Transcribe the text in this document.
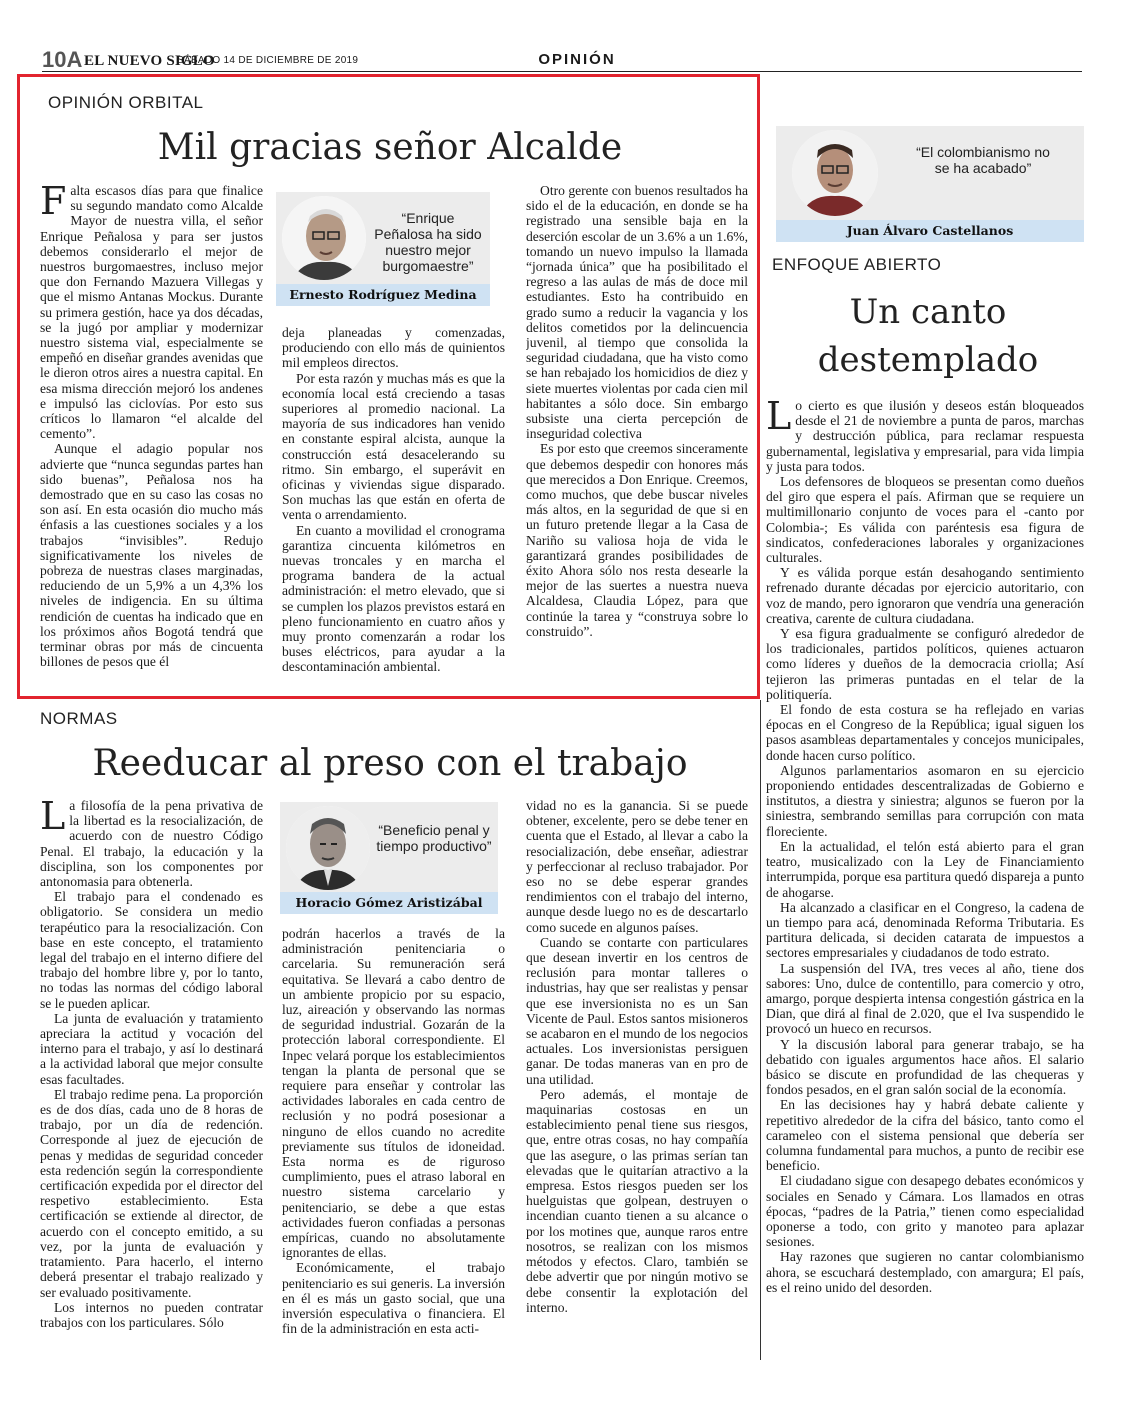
10A EL NUEVO SIGLO
SÁBADO 14 DE DICIEMBRE DE 2019	OPINIÓN
OPINIÓN ORBITAL
Mil gracias señor Alcalde

Falta escasos días para que finalice su segundo mandato como Alcalde Mayor de nuestra villa, el señor Enrique Peñalosa y para ser justos debemos considerarlo el mejor de nuestros burgomaestres, incluso mejor que don Fernando Mazuera Villegas y que el mismo Antanas Mockus. Durante su primera gestión, hace ya dos décadas, se la jugó por ampliar y modernizar nuestro sistema vial, especialmente se empeñó en diseñar grandes avenidas que le dieron otros aires a nuestra capital. En esa misma dirección mejoró los andenes e impulsó las ciclovías. Por esto sus críticos lo llamaron “el alcalde del cemento”.

Aunque el adagio popular nos advierte que “nunca segundas partes han sido buenas”, Peñalosa nos ha demostrado que en su caso las cosas no son así. En esta ocasión dio mucho más énfasis a las cuestiones sociales y a los trabajos “invisibles”. Redujo significativamente los niveles de pobreza de nuestras clases marginadas, reduciendo de un 5,9% a un 4,3% los niveles de indigencia. En su última rendición de cuentas ha indicado que en los próximos años Bogotá tendrá que terminar obras por más de cincuenta billones de pesos que él

“Enrique Peñalosa ha sido nuestro mejor burgomaestre”
Ernesto Rodríguez Medina

deja planeadas y comenzadas, produciendo con ello más de quinientos mil empleos directos.

Por esta razón y muchas más es que la economía local está creciendo a tasas superiores al promedio nacional. La mayoría de sus indicadores han venido en constante espiral alcista, aunque la construcción está desacelerando su ritmo. Sin embargo, el superávit en oficinas y viviendas sigue disparado. Son muchas las que están en oferta de venta o arrendamiento.

En cuanto a movilidad el cronograma garantiza cincuenta kilómetros en nuevas troncales y en marcha el programa bandera de la actual administración: el metro elevado, que si se cumplen los plazos previstos estará en pleno funcionamiento en cuatro años y muy pronto comenzarán a rodar los buses eléctricos, para ayudar a la descontaminación ambiental.

Otro gerente con buenos resultados ha sido el de la educación, en donde se ha registrado una sensible baja en la deserción escolar de un 3.6% a un 1.6%, tomando un nuevo impulso la llamada “jornada única” que ha posibilitado el regreso a las aulas de más de doce mil estudiantes. Esto ha contribuido en grado sumo a reducir la vagancia y los delitos cometidos por la delincuencia juvenil, al tiempo que consolida la seguridad ciudadana, que ha visto como se han rebajado los homicidios de diez y siete muertes violentas por cada cien mil habitantes a sólo doce. Sin embargo subsiste una cierta percepción de inseguridad colectiva

Es por esto que creemos sinceramente que debemos despedir con honores más que merecidos a Don Enrique. Creemos, como muchos, que debe buscar niveles más altos, en la seguridad de que si en un futuro pretende llegar a la Casa de Nariño su valiosa hoja de vida le garantizará grandes posibilidades de éxito Ahora sólo nos resta desearle la mejor de las suertes a nuestra nueva Alcaldesa, Claudia López, para que continúe la tarea y “construya sobre lo construido”.

NORMAS
Reeducar al preso con el trabajo

La filosofía de la pena privativa de la libertad es la resocialización, de acuerdo con de nuestro Código Penal. El trabajo, la educación y la disciplina, son los componentes por antonomasia para obtenerla.

El trabajo para el condenado es obligatorio. Se considera un medio terapéutico para la resocialización. Con base en este concepto, el tratamiento legal del trabajo en el interno difiere del trabajo del hombre libre y, por lo tanto, no todas las normas del código laboral se le pueden aplicar.

La junta de evaluación y tratamiento apreciara la actitud y vocación del interno para el trabajo, y así lo destinará a la actividad laboral que mejor consulte esas facultades.

El trabajo redime pena. La proporción es de dos días, cada uno de 8 horas de trabajo, por un día de redención. Corresponde al juez de ejecución de penas y medidas de seguridad conceder esta redención según la correspondiente certificación expedida por el director del respetivo establecimiento. Esta certificación se extiende al director, de acuerdo con el concepto emitido, a su vez, por la junta de evaluación y tratamiento. Para hacerlo, el interno deberá presentar el trabajo realizado y ser evaluado positivamente.

Los internos no pueden contratar trabajos con los particulares. Sólo

“Beneficio penal y tiempo productivo”
Horacio Gómez Aristizábal

podrán hacerlos a través de la administración penitenciaria o carcelaria. Su remuneración será equitativa. Se llevará a cabo dentro de un ambiente propicio por su espacio, luz, aireación y observando las normas de seguridad industrial. Gozarán de la protección laboral correspondiente. El Inpec velará porque los establecimientos tengan la planta de personal que se requiere para enseñar y controlar las actividades laborales en cada centro de reclusión y no podrá posesionar a ninguno de ellos cuando no acredite previamente sus títulos de idoneidad. Esta norma es de riguroso cumplimiento, pues el atraso laboral en nuestro sistema carcelario y penitenciario, se debe a que estas actividades fueron confiadas a personas empíricas, cuando no absolutamente ignorantes de ellas.

Económicamente, el trabajo penitenciario es sui generis. La inversión en él es más un gasto social, que una inversión especulativa o financiera. El fin de la administración en esta acti-

vidad no es la ganancia. Si se puede obtener, excelente, pero se debe tener en cuenta que el Estado, al llevar a cabo la resocialización, debe enseñar, adiestrar y perfeccionar al recluso trabajador. Por eso no se debe esperar grandes rendimientos con el trabajo del interno, aunque desde luego no es de descartarlo como sucede en algunos países.

Cuando se contarte con particulares que desean invertir en los centros de reclusión para montar talleres o industrias, hay que ser realistas y pensar que ese inversionista no es un San Vicente de Paul. Estos santos misioneros se acabaron en el mundo de los negocios actuales. Los inversionistas persiguen ganar. De todas maneras van en pro de una utilidad.

Pero además, el montaje de maquinarias costosas en un establecimiento penal tiene sus riesgos, que, entre otras cosas, no hay compañía que las asegure, o las primas serían tan elevadas que le quitarían atractivo a la empresa. Estos riesgos pueden ser los huelguistas que golpean, destruyen o incendian cuanto tienen a su alcance o por los motines que, aunque raros entre nosotros, se realizan con los mismos métodos y efectos. Claro, también se debe advertir que por ningún motivo se debe consentir la explotación del interno.

“El colombianismo no se ha acabado”
Juan Álvaro Castellanos
ENFOQUE ABIERTO
Un canto
destemplado

Lo cierto es que ilusión y deseos están bloqueados desde el 21 de noviembre a punta de paros, marchas y destrucción pública, para reclamar respuesta gubernamental, legislativa y empresarial, para vida limpia y justa para todos.

Los defensores de bloqueos se presentan como dueños del giro que espera el país. Afirman que se requiere un multimillonario conjunto de voces para el -canto por Colombia-; Es válida con paréntesis esa figura de sindicatos, confederaciones laborales y organizaciones culturales.

Y es válida porque están desahogando sentimiento refrenado durante décadas por ejercicio autoritario, con voz de mando, pero ignoraron que vendría una generación creativa, carente de cultura ciudadana.

Y esa figura gradualmente se configuró alrededor de los tradicionales, partidos políticos, quienes actuaron como líderes y dueños de la democracia criolla; Así tejieron las primeras puntadas en el telar de la politiquería.

El fondo de esta costura se ha reflejado en varias épocas en el Congreso de la República; igual siguen los pasos asambleas departamentales y concejos municipales, donde hacen curso político.

Algunos parlamentarios asomaron en su ejercicio proponiendo entidades descentralizadas de Gobierno e institutos, a diestra y siniestra; algunos se fueron por la siniestra, sembrando semillas para corrupción con mata floreciente.

En la actualidad, el telón está abierto para el gran teatro, musicalizado con la Ley de Financiamiento interrumpida, porque esa partitura quedó dispareja a punto de ahogarse.

Ha alcanzado a clasificar en el Congreso, la cadena de un tiempo para acá, denominada Reforma Tributaria. Es partitura delicada, si deciden catarata de impuestos a sectores empresariales y ciudadanos de todo estrato.

La suspensión del IVA, tres veces al año, tiene dos sabores: Uno, dulce de contentillo, para comercio y otro, amargo, porque despierta intensa congestión gástrica en la Dian, que dirá al final de 2.020, que el Iva suspendido le provocó un hueco en recursos.

Y la discusión laboral para generar trabajo, se ha debatido con iguales argumentos hace años. El salario básico se discute en profundidad de las chequeras y fondos pesados, en el gran salón social de la economía.

En las decisiones hay y habrá debate caliente y repetitivo alrededor de la cifra del básico, tanto como el carameleo con el sistema pensional que debería ser columna fundamental para muchos, a punto de recibir ese beneficio.

El ciudadano sigue con desapego debates económicos y sociales en Senado y Cámara. Los llamados en otras épocas, “padres de la Patria,” tienen como especialidad oponerse a todo, con grito y manoteo para aplazar sesiones.

Hay razones que sugieren no cantar colombianismo ahora, se escuchará destemplado, con amargura; El país, es el reino unido del desorden.
